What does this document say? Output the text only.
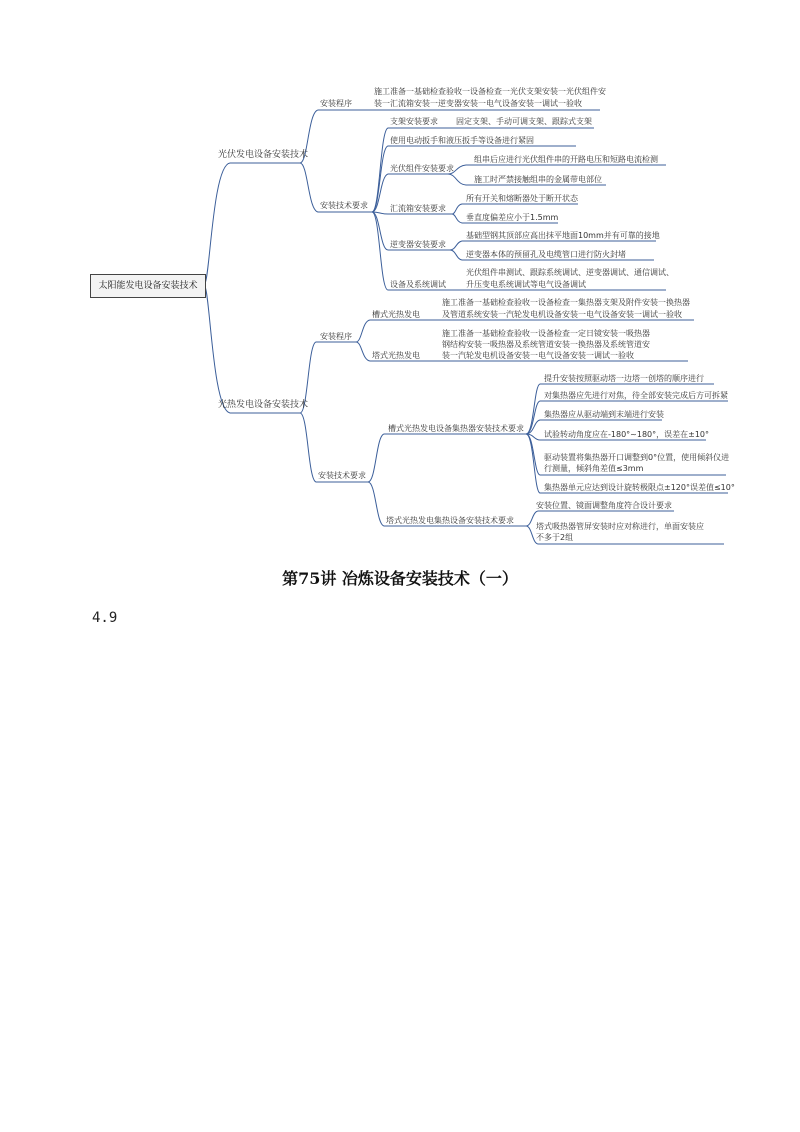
太阳能发电设备安装技术
光伏发电设备安装技术
安装程序
施工准备一基础检查验收一设备检查一光伏支架安装一光伏组件安
装一汇流箱安装一逆变器安装一电气设备安装一调试一验收
安装技术要求
支架安装要求 固定支架、手动可调支架、跟踪式支架
使用电动扳手和液压扳手等设备进行紧固
光伏组件安装要求
组串后应进行光伏组件串的开路电压和短路电流检测
施工时严禁接触组串的金属带电部位
汇流箱安装要求
所有开关和熔断器处于断开状态
垂直度偏差应小于1.5mm
逆变器安装要求
基础型钢其顶部应高出抹平地面10mm并有可靠的接地
逆变器本体的预留孔及电缆管口进行防火封堵
设备及系统调试
光伏组件串测试、跟踪系统调试、逆变器调试、通信调试、
升压变电系统调试等电气设备调试
光热发电设备安装技术
安装程序
槽式光热发电
施工准备一基础检查验收一设备检查一集热器支架及附件安装一换热器
及管道系统安装一汽轮发电机设备安装一电气设备安装一调试一验收
塔式光热发电
施工准备一基础检查验收一设备检查一定日镜安装一吸热器
钢结构安装一吸热器及系统管道安装一换热器及系统管道安
装一汽轮发电机设备安装一电气设备安装一调试一验收
安装技术要求
槽式光热发电设备集热器安装技术要求
提升安装按照驱动塔一边塔一创塔的顺序进行
对集热器应先进行对焦，待全部安装完成后方可拆紧
集热器应从驱动端到末端进行安装
试验转动角度应在-180°~180°，误差在±10°
驱动装置将集热器开口调整到0°位置，使用倾斜仪进
行测量，倾斜角差值≤3mm
集热器单元应达到设计旋转极限点±120°误差值≤10°
塔式光热发电集热设备安装技术要求
安装位置、镜面调整角度符合设计要求
塔式吸热器管屏安装时应对称进行，单面安装应
不多于2组
第75讲 冶炼设备安装技术（一）
4.9
